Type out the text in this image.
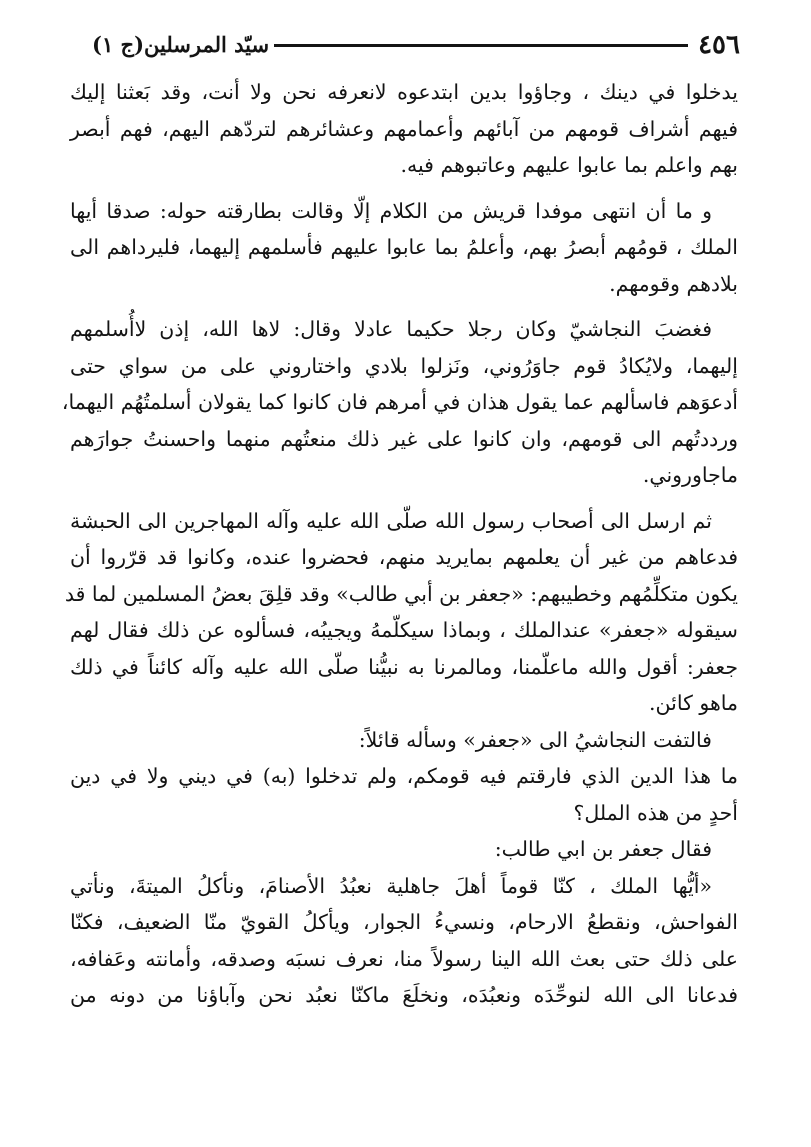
٤٥٦
سيّد المرسلين(ج ١)
يدخلوا في دينك ، وجاؤوا بدين ابتدعوه لانعرفه نحن ولا أنت، وقد بَعثنا إليك
فيهم أشراف قومهم من آبائهم وأعمامهم وعشائرهم لتردّهم اليهم، فهم أبصر
بهم واعلم بما عابوا عليهم وعاتبوهم فيه.
و ما أن انتهى موفدا قريش من الكلام إلّا وقالت بطارقته حوله: صدقا أيها
الملك ، قومُهم أبصرُ بهم، وأعلمُ بما عابوا عليهم فأسلمهم إليهما، فليرداهم الى
بلادهم وقومهم.
فغضبَ النجاشيّ وكان رجلا حكيما عادلا وقال: لاها الله، إذن لاأُسلمهم
إليهما، ولايُكادُ قوم جاوَرُوني، ونَزلوا بلادي واختاروني على من سواي حتى
أدعوَهم فاسألهم عما يقول هذان في أمرهم فان كانوا كما يقولان أسلمتُهُم اليهما،
ورددتُهم الى قومهم، وان كانوا على غير ذلك منعتُهم منهما واحسنتُ جوارَهم
ماجاوروني.
ثم ارسل الى أصحاب رسول الله صلّى الله عليه وآله المهاجرين الى الحبشة
فدعاهم من غير أن يعلمهم بمايريد منهم، فحضروا عنده، وكانوا قد قرّروا أن
يكون متكلِّمُهم وخطيبهم: «جعفر بن أبي طالب» وقد قلِقَ بعضُ المسلمين لما قد
سيقوله «جعفر» عندالملك ، وبماذا سيكلّمهُ ويجيبُه، فسألوه عن ذلك فقال لهم
جعفر: أقول والله ماعلّمنا، ومالمرنا به نبيُّنا صلّى الله عليه وآله كائناً في ذلك
ماهو كائن.
فالتفت النجاشيُ الى «جعفر» وسأله قائلاً:
ما هذا الدين الذي فارقتم فيه قومكم، ولم تدخلوا (به) في ديني ولا في دين
أحدٍ من هذه الملل؟
فقال جعفر بن ابي طالب:
«أيُّها الملك ، كنّا قوماً أهلَ جاهلية نعبُدُ الأصنامَ، ونأكلُ الميتةَ، ونأتي
الفواحش، ونقطعُ الارحام، ونسيءُ الجوار، ويأكلُ القويّ منّا الضعيف، فكنّا
على ذلك حتى بعث الله الينا رسولاً منا، نعرف نسبَه وصدقه، وأمانته وعَفافه،
فدعانا الى الله لنوحِّدَه ونعبُدَه، ونخلَعَ ماكنّا نعبُد نحن وآباؤنا من دونه من
